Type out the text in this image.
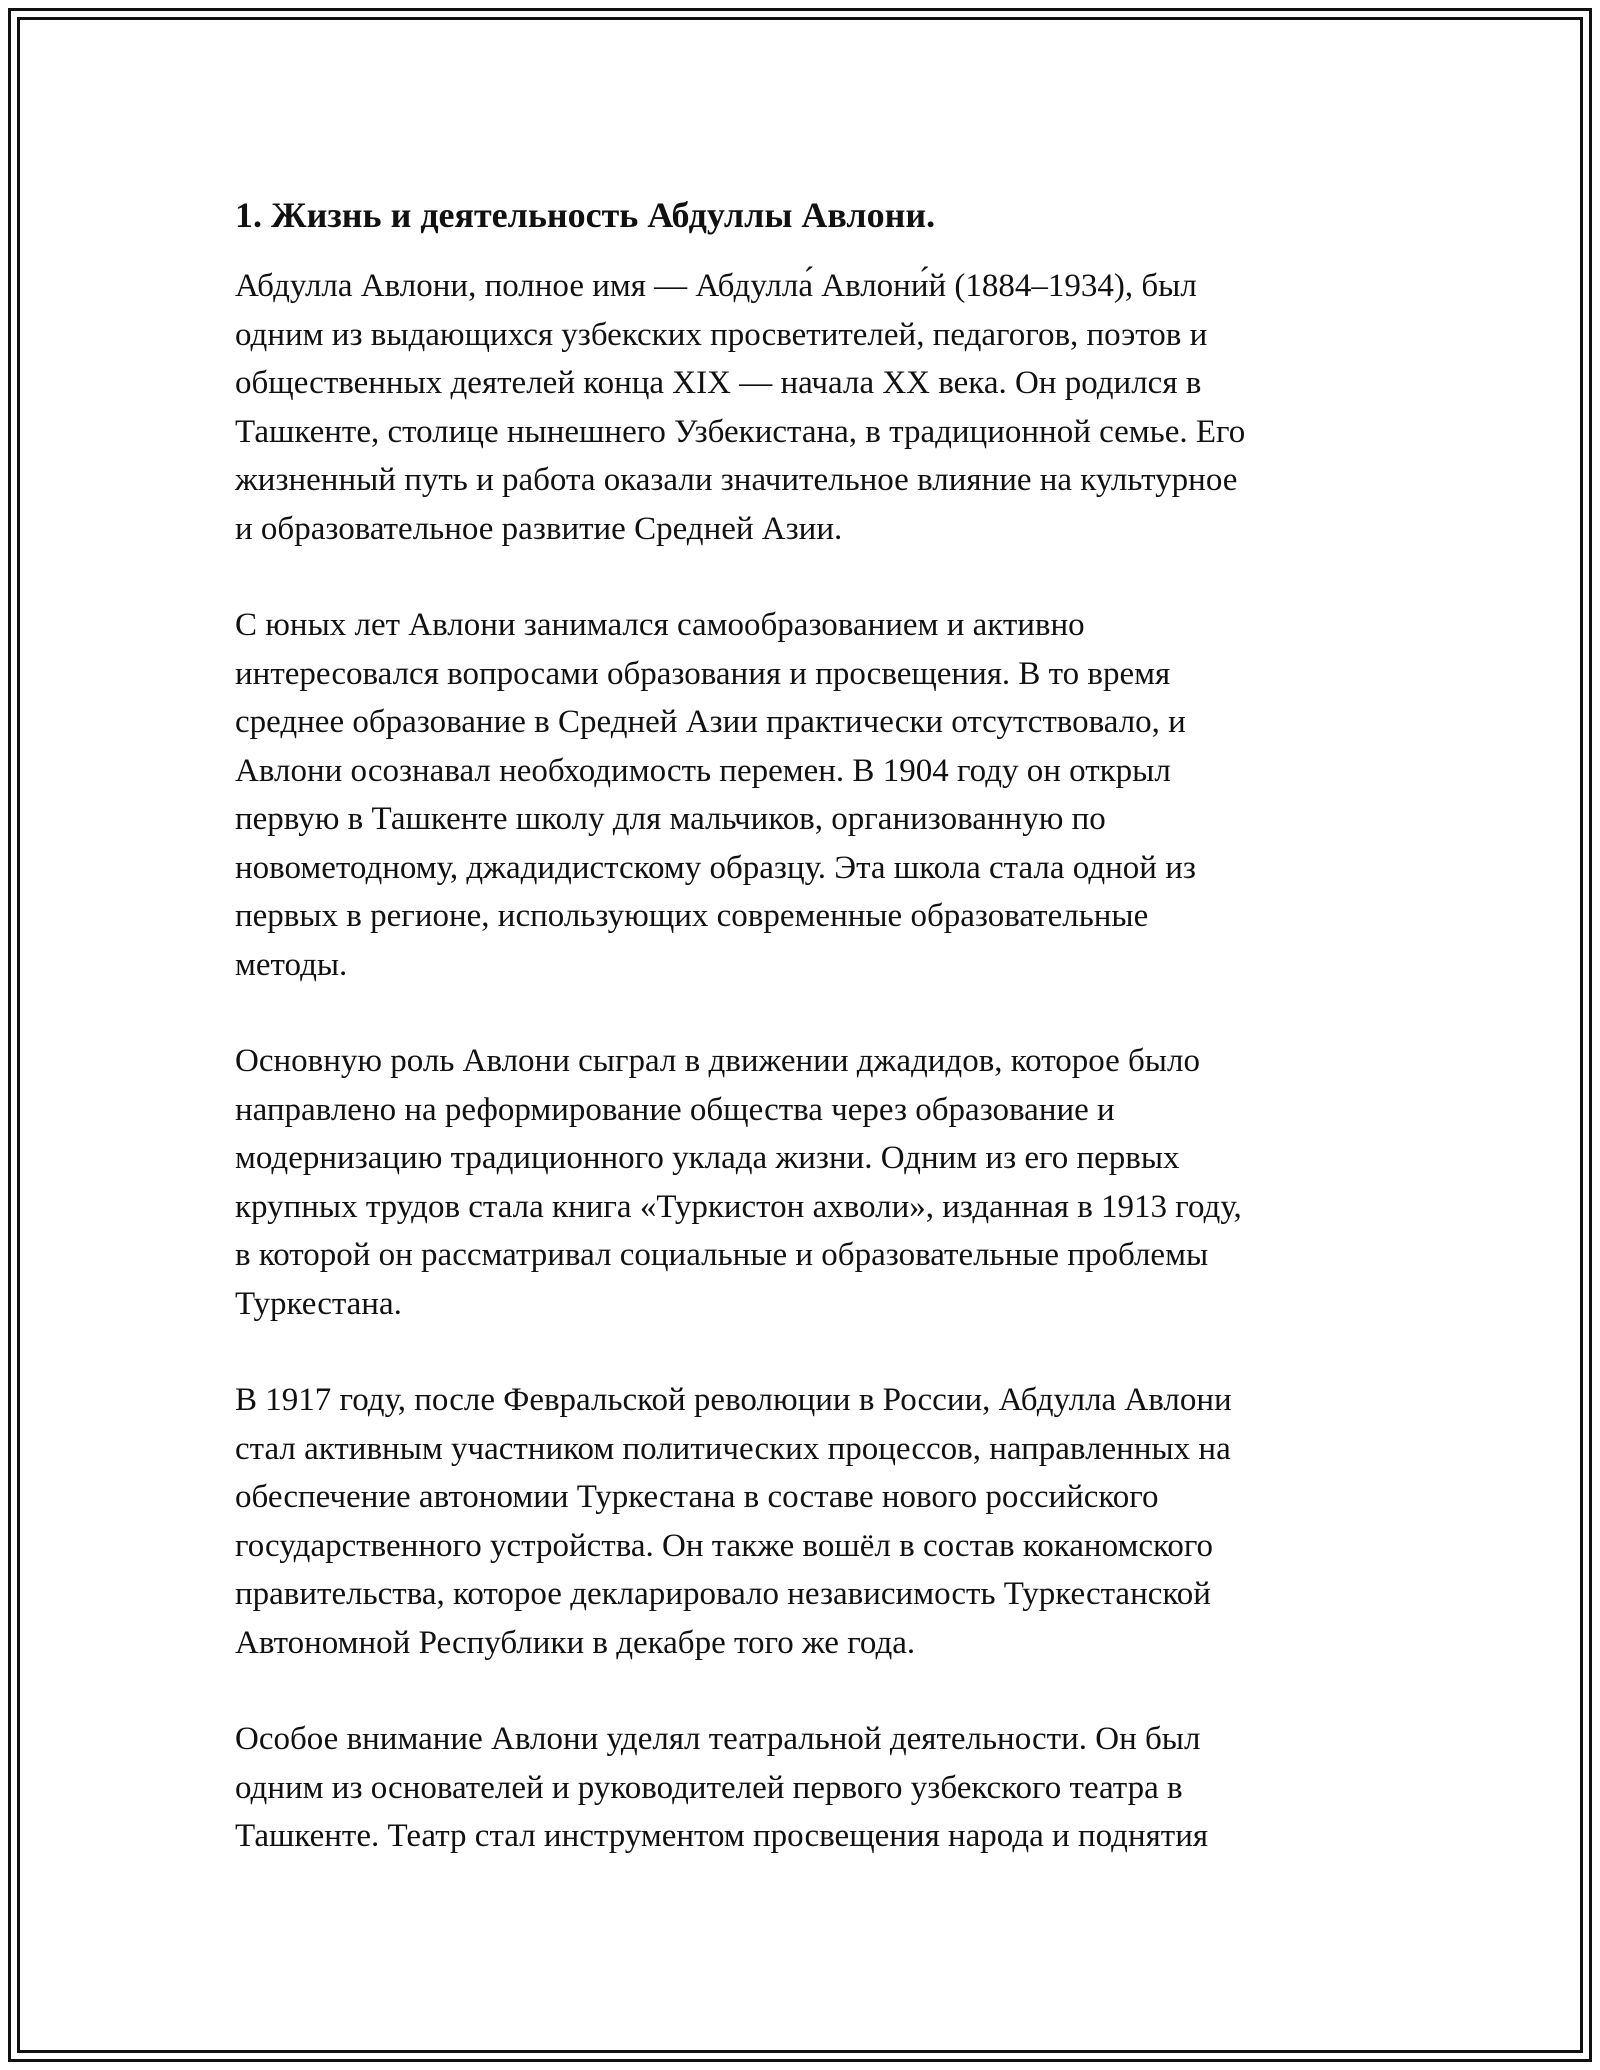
1. Жизнь и деятельность Абдуллы Авлони.

Абдулла Авлони, полное имя — Абдулла́ Авлони́й (1884–1934), был
одним из выдающихся узбекских просветителей, педагогов, поэтов и
общественных деятелей конца XIX — начала XX века. Он родился в
Ташкенте, столице нынешнего Узбекистана, в традиционной семье. Его
жизненный путь и работа оказали значительное влияние на культурное
и образовательное развитие Средней Азии.

С юных лет Авлони занимался самообразованием и активно
интересовался вопросами образования и просвещения. В то время
среднее образование в Средней Азии практически отсутствовало, и
Авлони осознавал необходимость перемен. В 1904 году он открыл
первую в Ташкенте школу для мальчиков, организованную по
новометодному, джадидистскому образцу. Эта школа стала одной из
первых в регионе, использующих современные образовательные
методы.

Основную роль Авлони сыграл в движении джадидов, которое было
направлено на реформирование общества через образование и
модернизацию традиционного уклада жизни. Одним из его первых
крупных трудов стала книга «Туркистон ахволи», изданная в 1913 году,
в которой он рассматривал социальные и образовательные проблемы
Туркестана.

В 1917 году, после Февральской революции в России, Абдулла Авлони
стал активным участником политических процессов, направленных на
обеспечение автономии Туркестана в составе нового российского
государственного устройства. Он также вошёл в состав коканомского
правительства, которое декларировало независимость Туркестанской
Автономной Республики в декабре того же года.

Особое внимание Авлони уделял театральной деятельности. Он был
одним из основателей и руководителей первого узбекского театра в
Ташкенте. Театр стал инструментом просвещения народа и поднятия
